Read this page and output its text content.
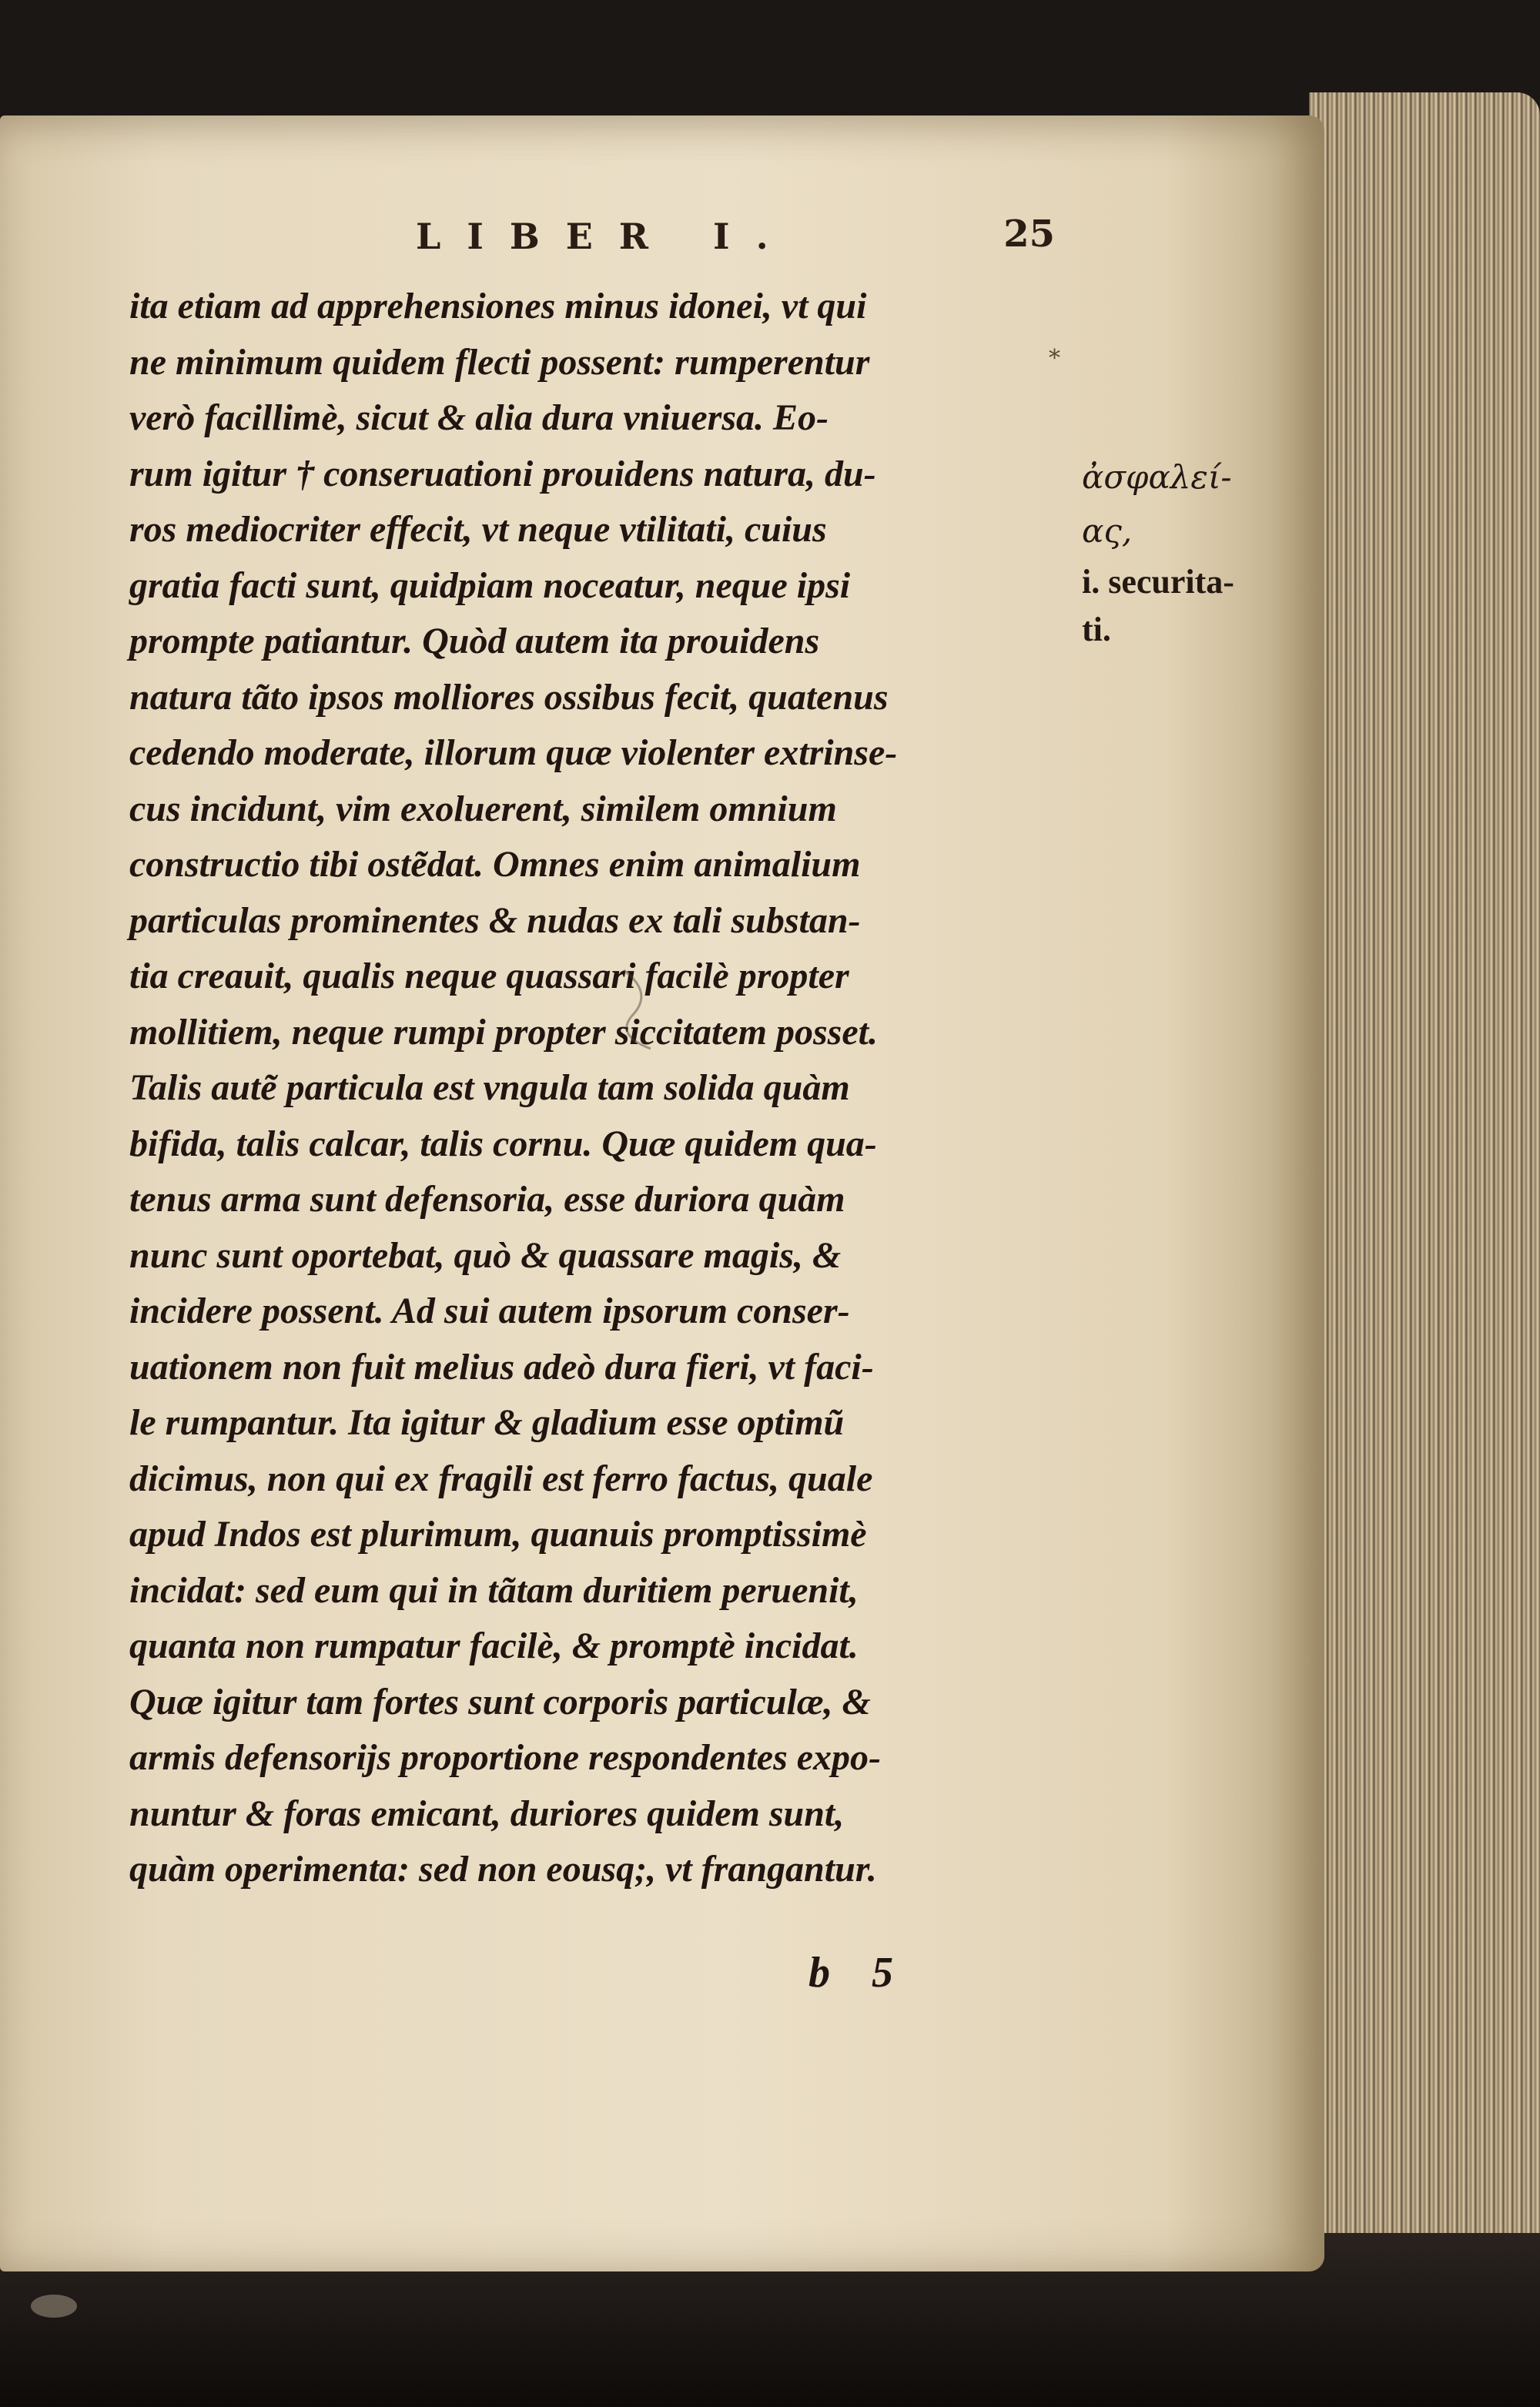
LIBER I.	25
*
ita etiam ad apprehensiones minus idonei, vt qui
ne minimum quidem flecti possent: rumperentur
verò facillimè, sicut & alia dura vniuersa. Eo-
rum igitur † conseruationi prouidens natura, du-
ros mediocriter effecit, vt neque vtilitati, cuius
gratia facti sunt, quidpiam noceatur, neque ipsi
prompte patiantur. Quòd autem ita prouidens
natura tãto ipsos molliores ossibus fecit, quatenus
cedendo moderate, illorum quæ violenter extrinse-
cus incidunt, vim exoluerent, similem omnium
constructio tibi ostẽdat. Omnes enim animalium
particulas prominentes & nudas ex tali substan-
tia creauit, qualis neque quassari facilè propter
mollitiem, neque rumpi propter siccitatem posset.
Talis autẽ particula est vngula tam solida quàm
bifida, talis calcar, talis cornu. Quæ quidem qua-
tenus arma sunt defensoria, esse duriora quàm
nunc sunt oportebat, quò & quassare magis, &
incidere possent. Ad sui autem ipsorum conser-
uationem non fuit melius adeò dura fieri, vt faci-
le rumpantur. Ita igitur & gladium esse optimũ
dicimus, non qui ex fragili est ferro factus, quale
apud Indos est plurimum, quanuis promptissimè
incidat: sed eum qui in tãtam duritiem peruenit,
quanta non rumpatur facilè, & promptè incidat.
Quæ igitur tam fortes sunt corporis particulæ, &
armis defensorijs proportione respondentes expo-
nuntur & foras emicant, duriores quidem sunt,
quàm operimenta: sed non eousq;, vt frangantur.
ἀσφαλεί-
ας,
i. securita-
ti.
b 5
